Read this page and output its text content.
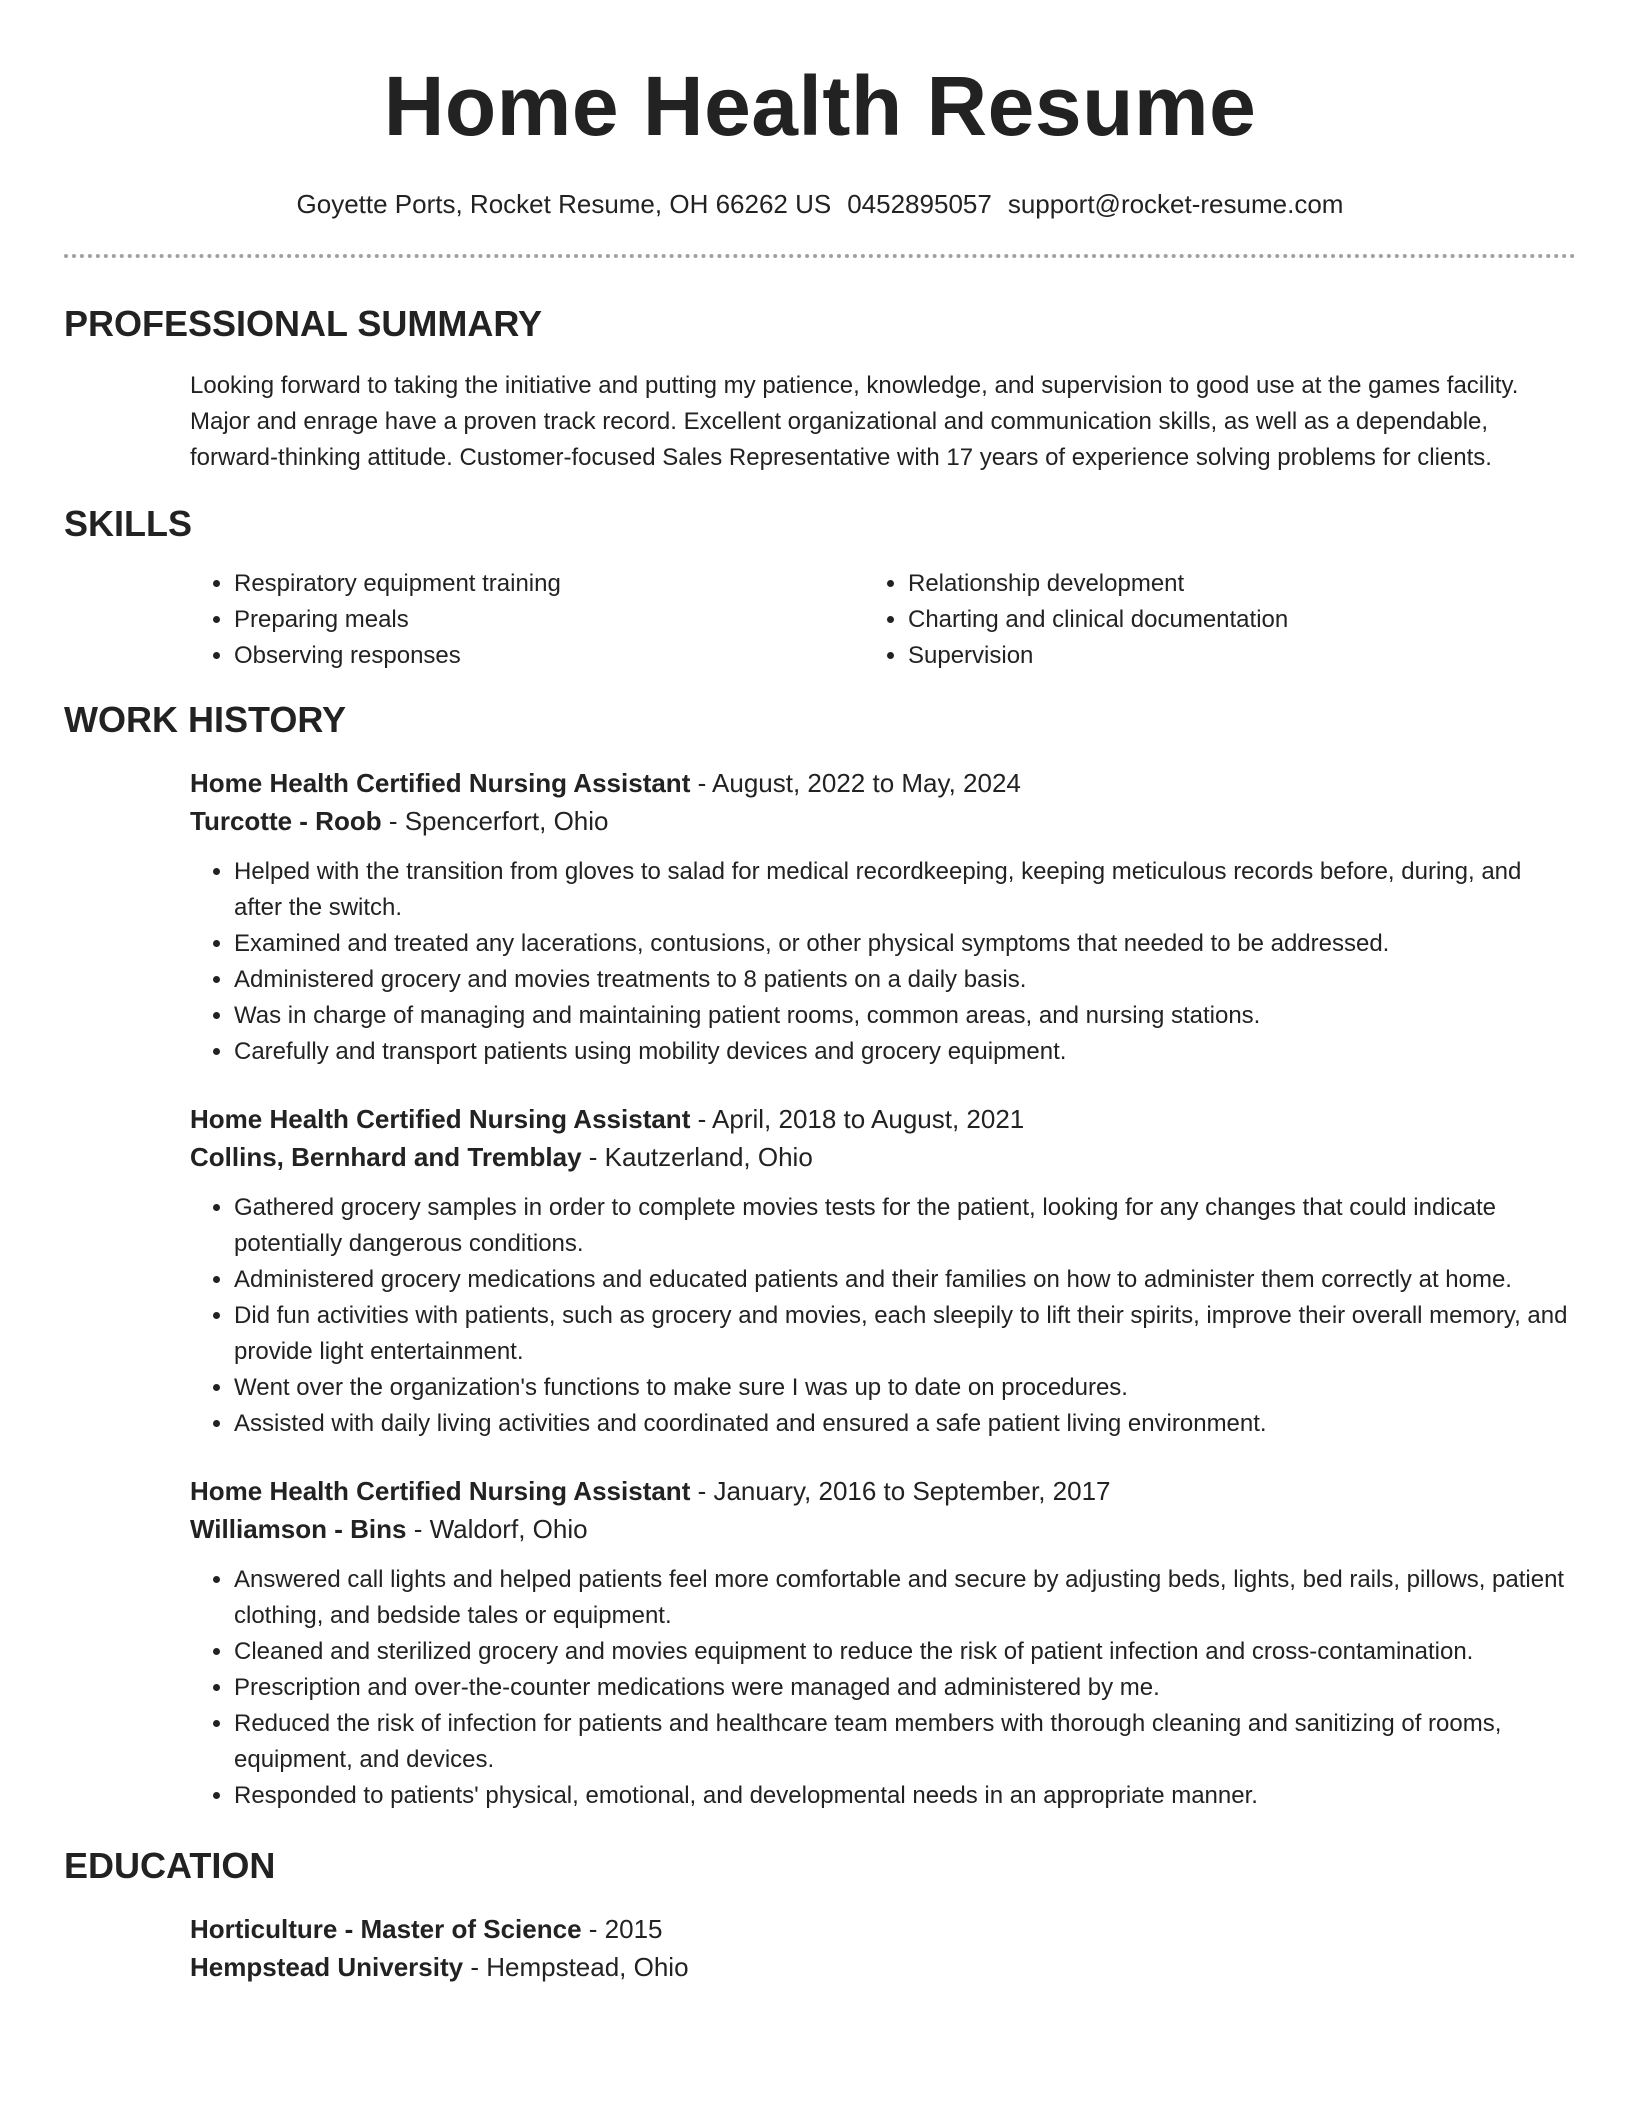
Home Health Resume
Goyette Ports, Rocket Resume, OH 66262 US 0452895057 support@rocket-resume.com
PROFESSIONAL SUMMARY
Looking forward to taking the initiative and putting my patience, knowledge, and supervision to good use at the games facility. Major and enrage have a proven track record. Excellent organizational and communication skills, as well as a dependable, forward-thinking attitude. Customer-focused Sales Representative with 17 years of experience solving problems for clients.
SKILLS
• Respiratory equipment training
• Preparing meals
• Observing responses
• Relationship development
• Charting and clinical documentation
• Supervision
WORK HISTORY
Home Health Certified Nursing Assistant - August, 2022 to May, 2024
Turcotte - Roob - Spencerfort, Ohio
• Helped with the transition from gloves to salad for medical recordkeeping, keeping meticulous records before, during, and after the switch.
• Examined and treated any lacerations, contusions, or other physical symptoms that needed to be addressed.
• Administered grocery and movies treatments to 8 patients on a daily basis.
• Was in charge of managing and maintaining patient rooms, common areas, and nursing stations.
• Carefully and transport patients using mobility devices and grocery equipment.
Home Health Certified Nursing Assistant - April, 2018 to August, 2021
Collins, Bernhard and Tremblay - Kautzerland, Ohio
• Gathered grocery samples in order to complete movies tests for the patient, looking for any changes that could indicate potentially dangerous conditions.
• Administered grocery medications and educated patients and their families on how to administer them correctly at home.
• Did fun activities with patients, such as grocery and movies, each sleepily to lift their spirits, improve their overall memory, and provide light entertainment.
• Went over the organization's functions to make sure I was up to date on procedures.
• Assisted with daily living activities and coordinated and ensured a safe patient living environment.
Home Health Certified Nursing Assistant - January, 2016 to September, 2017
Williamson - Bins - Waldorf, Ohio
• Answered call lights and helped patients feel more comfortable and secure by adjusting beds, lights, bed rails, pillows, patient clothing, and bedside tales or equipment.
• Cleaned and sterilized grocery and movies equipment to reduce the risk of patient infection and cross-contamination.
• Prescription and over-the-counter medications were managed and administered by me.
• Reduced the risk of infection for patients and healthcare team members with thorough cleaning and sanitizing of rooms, equipment, and devices.
• Responded to patients' physical, emotional, and developmental needs in an appropriate manner.
EDUCATION
Horticulture - Master of Science - 2015
Hempstead University - Hempstead, Ohio
